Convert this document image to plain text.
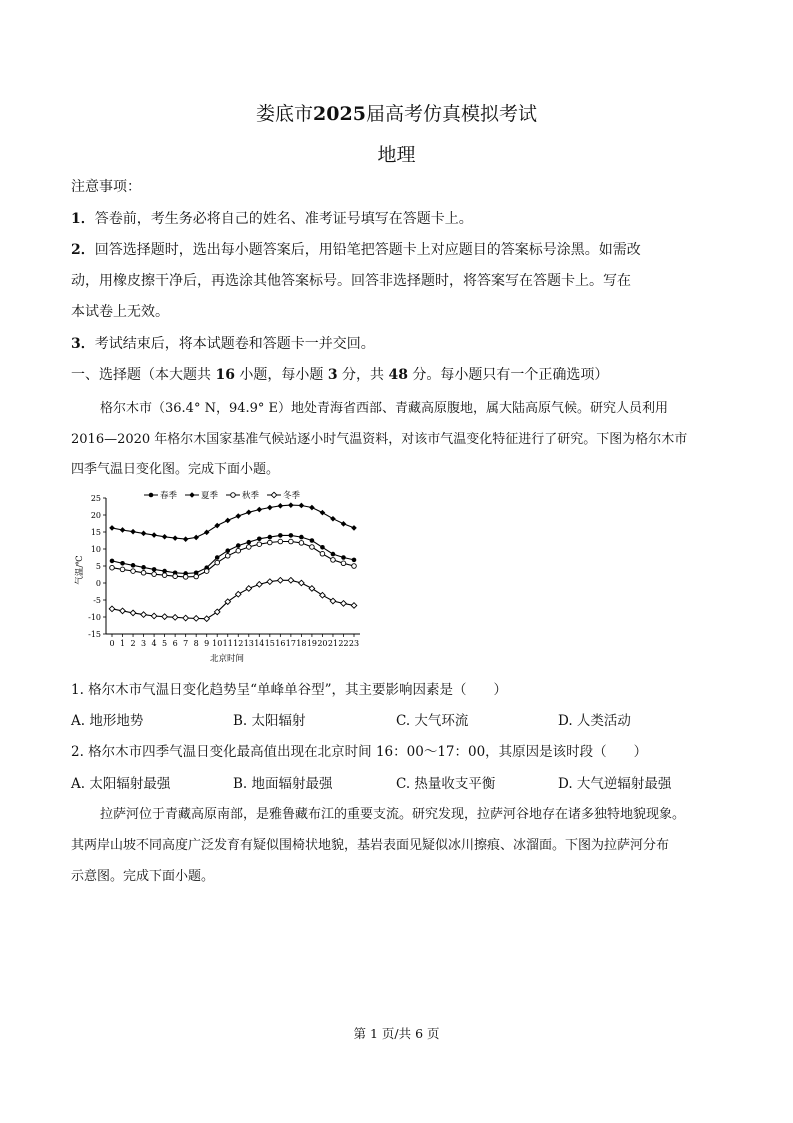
娄底市2025届高考仿真模拟考试
地理
注意事项：
1．答卷前，考生务必将自己的姓名、准考证号填写在答题卡上。
2．回答选择题时，选出每小题答案后，用铅笔把答题卡上对应题目的答案标号涂黑。如需改
动，用橡皮擦干净后，再选涂其他答案标号。回答非选择题时，将答案写在答题卡上。写在
本试卷上无效。
3．考试结束后，将本试题卷和答题卡一并交回。
一、选择题（本大题共 16 小题，每小题 3 分，共 48 分。每小题只有一个正确选项）
格尔木市（36.4° N，94.9° E）地处青海省西部、青藏高原腹地，属大陆高原气候。研究人员利用
2016—2020 年格尔木国家基准气候站逐小时气温资料，对该市气温变化特征进行了研究。下图为格尔木市
四季气温日变化图。完成下面小题。
25
20
15
10
5
0
-5
-10
-15
0 1 2 3 4 5 6 7 8 9 10 11 12 13 14 15 16 17 18 19 20 21 22 23
北京时间
气温/℃
春季	夏季	秋季	冬季
1. 格尔木市气温日变化趋势呈“单峰单谷型”，其主要影响因素是（　　）
A. 地形地势	B. 太阳辐射	C. 大气环流	D. 人类活动
2. 格尔木市四季气温日变化最高值出现在北京时间 16：00～17：00，其原因是该时段（　　）
A. 太阳辐射最强	B. 地面辐射最强	C. 热量收支平衡	D. 大气逆辐射最强
拉萨河位于青藏高原南部，是雅鲁藏布江的重要支流。研究发现，拉萨河谷地存在诸多独特地貌现象。
其两岸山坡不同高度广泛发育有疑似围椅状地貌，基岩表面见疑似冰川擦痕、冰溜面。下图为拉萨河分布
示意图。完成下面小题。
第 1 页/共 6 页
